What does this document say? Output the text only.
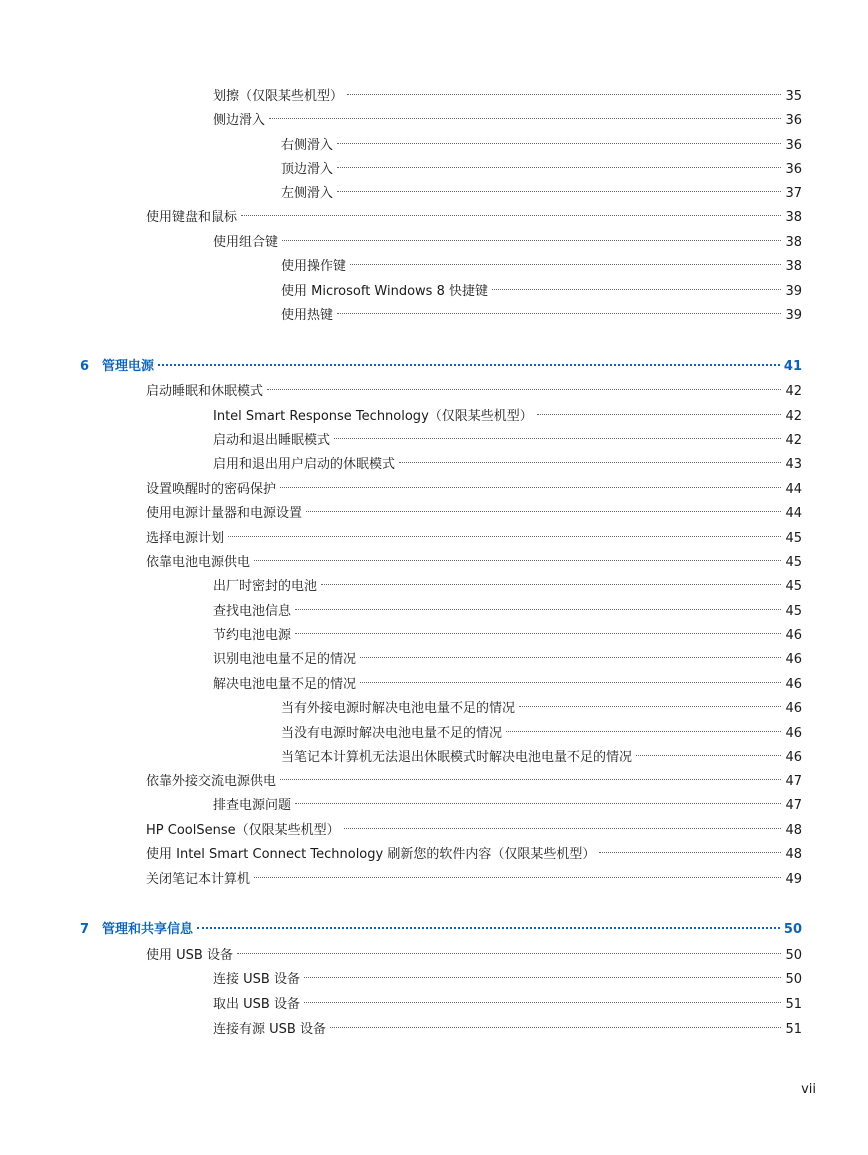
划擦（仅限某些机型）	35
侧边滑入	36
右侧滑入	36
顶边滑入	36
左侧滑入	37
使用键盘和鼠标	38
使用组合键	38
使用操作键	38
使用 Microsoft Windows 8 快捷键	39
使用热键	39
6 管理电源	41
启动睡眠和休眠模式	42
Intel Smart Response Technology（仅限某些机型）	42
启动和退出睡眠模式	42
启用和退出用户启动的休眠模式	43
设置唤醒时的密码保护	44
使用电源计量器和电源设置	44
选择电源计划	45
依靠电池电源供电	45
出厂时密封的电池	45
查找电池信息	45
节约电池电源	46
识别电池电量不足的情况	46
解决电池电量不足的情况	46
当有外接电源时解决电池电量不足的情况	46
当没有电源时解决电池电量不足的情况	46
当笔记本计算机无法退出休眠模式时解决电池电量不足的情况	46
依靠外接交流电源供电	47
排查电源问题	47
HP CoolSense（仅限某些机型）	48
使用 Intel Smart Connect Technology 刷新您的软件内容（仅限某些机型）	48
关闭笔记本计算机	49
7 管理和共享信息	50
使用 USB 设备	50
连接 USB 设备	50
取出 USB 设备	51
连接有源 USB 设备	51
vii
